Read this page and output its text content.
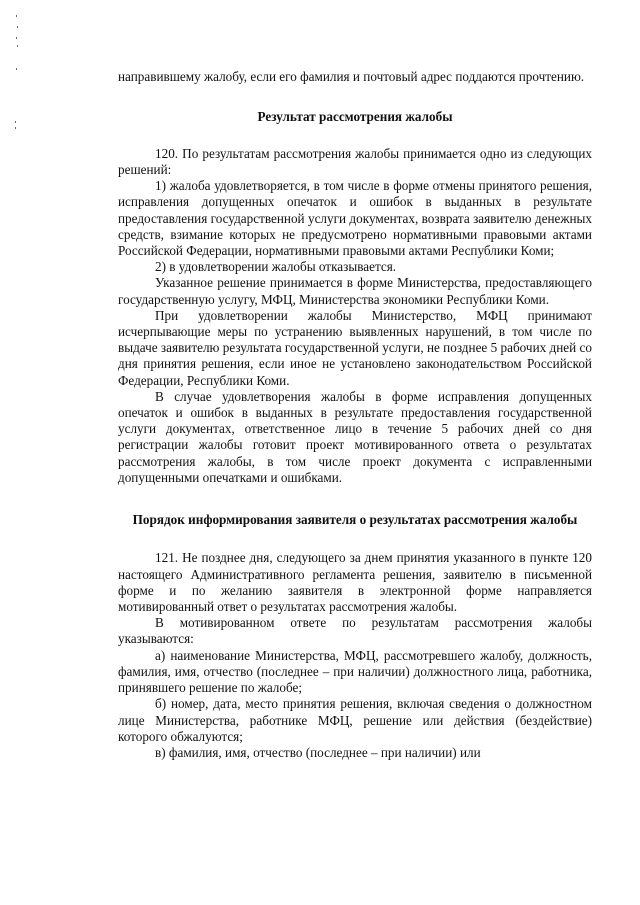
направившему жалобу, если его фамилия и почтовый адрес поддаются прочтению.

Результат рассмотрения жалобы

120. По результатам рассмотрения жалобы принимается одно из следующих решений:

1) жалоба удовлетворяется, в том числе в форме отмены принятого решения, исправления допущенных опечаток и ошибок в выданных в результате предоставления государственной услуги документах, возврата заявителю денежных средств, взимание которых не предусмотрено нормативными правовыми актами Российской Федерации, нормативными правовыми актами Республики Коми;

2) в удовлетворении жалобы отказывается.

Указанное решение принимается в форме Министерства, предоставляющего государственную услугу, МФЦ, Министерства экономики Республики Коми.

При удовлетворении жалобы Министерство, МФЦ принимают исчерпывающие меры по устранению выявленных нарушений, в том числе по выдаче заявителю результата государственной услуги, не позднее 5 рабочих дней со дня принятия решения, если иное не установлено законодательством Российской Федерации, Республики Коми.

В случае удовлетворения жалобы в форме исправления допущенных опечаток и ошибок в выданных в результате предоставления государственной услуги документах, ответственное лицо в течение 5 рабочих дней со дня регистрации жалобы готовит проект мотивированного ответа о результатах рассмотрения жалобы, в том числе проект документа с исправленными допущенными опечатками и ошибками.

Порядок информирования заявителя о результатах рассмотрения жалобы

121. Не позднее дня, следующего за днем принятия указанного в пункте 120 настоящего Административного регламента решения, заявителю в письменной форме и по желанию заявителя в электронной форме направляется мотивированный ответ о результатах рассмотрения жалобы.

В мотивированном ответе по результатам рассмотрения жалобы указываются:

а) наименование Министерства, МФЦ, рассмотревшего жалобу, должность, фамилия, имя, отчество (последнее – при наличии) должностного лица, работника, принявшего решение по жалобе;

б) номер, дата, место принятия решения, включая сведения о должностном лице Министерства, работнике МФЦ, решение или действия (бездействие) которого обжалуются;

в) фамилия, имя, отчество (последнее – при наличии) или
